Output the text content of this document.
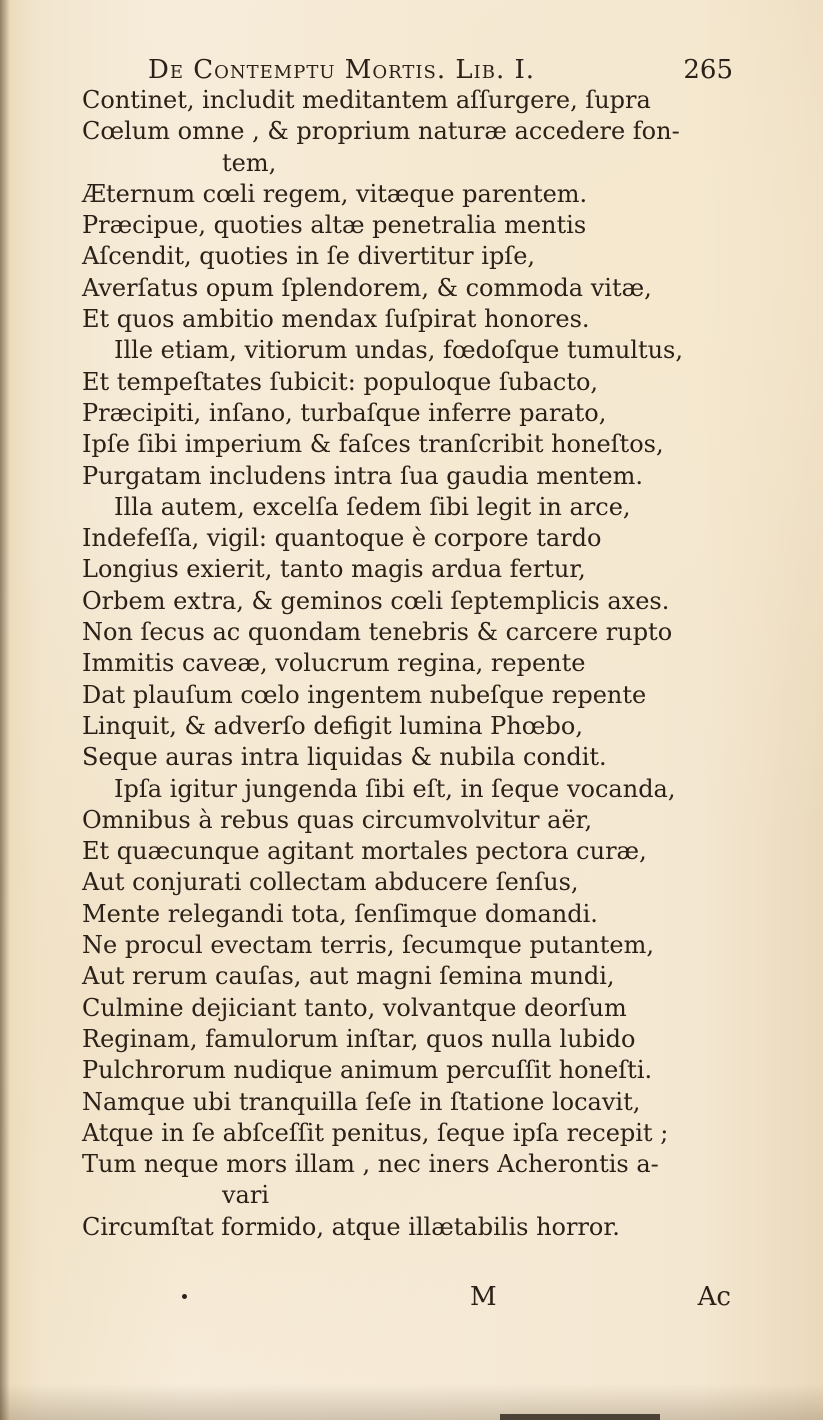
De Contemptu Mortis. Lib. I.	265
Continet, includit meditantem aſſurgere, ſupra
Cœlum omne , & proprium naturæ accedere fon-
tem,
Æternum cœli regem, vitæque parentem.
Præcipue, quoties altæ penetralia mentis
Aſcendit, quoties in ſe divertitur ipſe,
Averſatus opum ſplendorem, & commoda vitæ,
Et quos ambitio mendax ſuſpirat honores.
Ille etiam, vitiorum undas, fœdoſque tumultus,
Et tempeſtates ſubicit: populoque ſubacto,
Præcipiti, inſano, turbaſque inferre parato,
Ipſe ſibi imperium & faſces tranſcribit honeſtos,
Purgatam includens intra ſua gaudia mentem.
Illa autem, excelſa ſedem ſibi legit in arce,
Indefeſſa, vigil: quantoque è corpore tardo
Longius exierit, tanto magis ardua fertur,
Orbem extra, & geminos cœli ſeptemplicis axes.
Non ſecus ac quondam tenebris & carcere rupto
Immitis caveæ, volucrum regina, repente
Dat plauſum cœlo ingentem nubeſque repente
Linquit, & adverſo defigit lumina Phœbo,
Seque auras intra liquidas & nubila condit.
Ipſa igitur jungenda ſibi eſt, in ſeque vocanda,
Omnibus à rebus quas circumvolvitur aër,
Et quæcunque agitant mortales pectora curæ,
Aut conjurati collectam abducere ſenſus,
Mente relegandi tota, ſenſimque domandi.
Ne procul evectam terris, ſecumque putantem,
Aut rerum cauſas, aut magni ſemina mundi,
Culmine dejiciant tanto, volvantque deorſum
Reginam, famulorum inſtar, quos nulla lubido
Pulchrorum nudique animum percuſſit honeſti.
Namque ubi tranquilla ſeſe in ſtatione locavit,
Atque in ſe abſceſſit penitus, ſeque ipſa recepit ;
Tum neque mors illam , nec iners Acherontis a-
vari
Circumſtat formido, atque illætabilis horror.
M	Ac
